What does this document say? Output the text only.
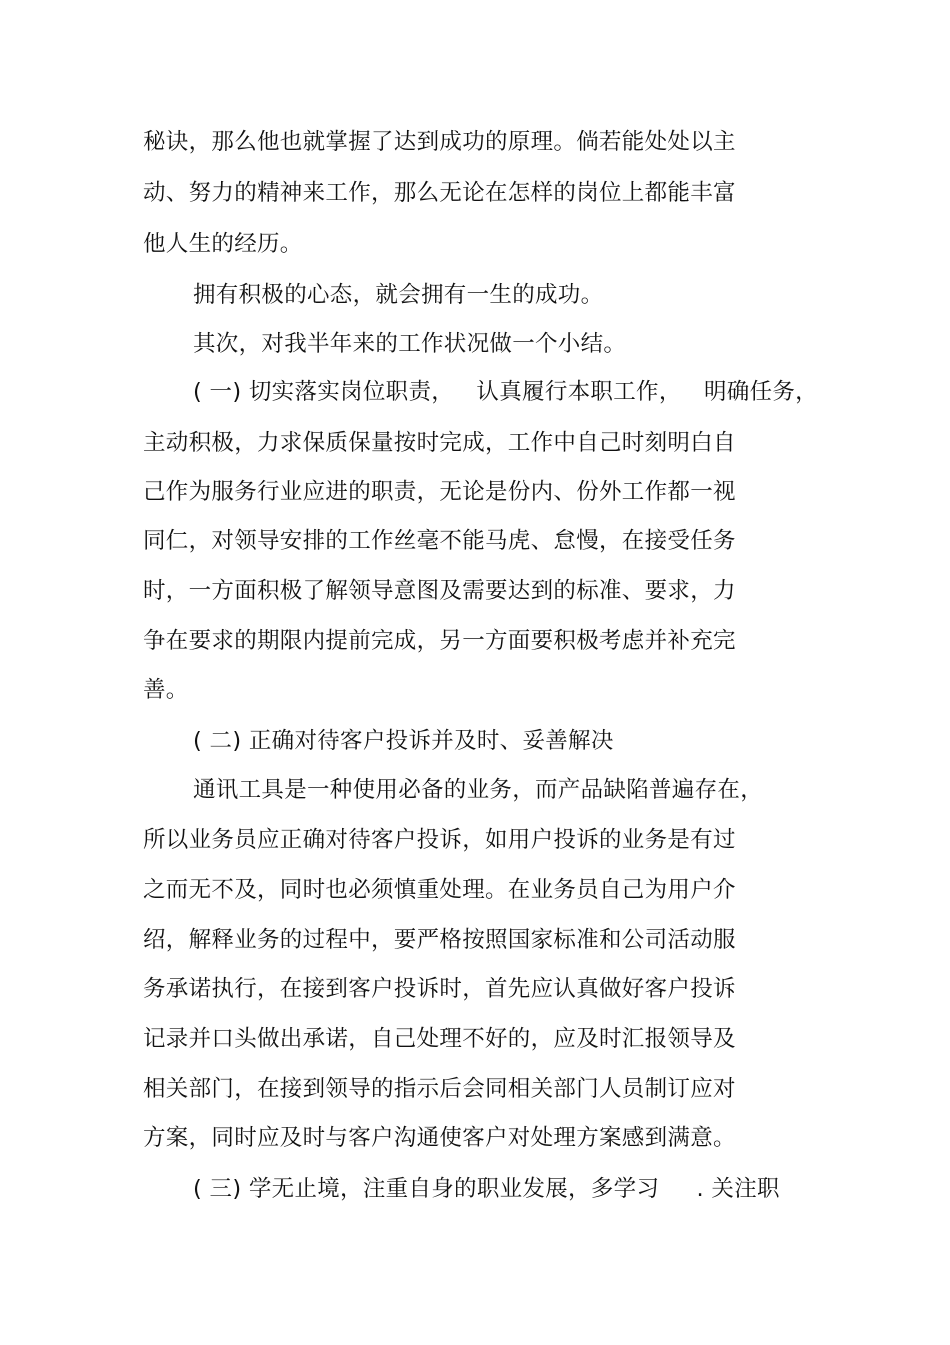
秘诀，那么他也就掌握了达到成功的原理。倘若能处处以主
动、努力的精神来工作，那么无论在怎样的岗位上都能丰富
他人生的经历。
拥有积极的心态，就会拥有一生的成功。
其次，对我半年来的工作状况做一个小结。
( 一) 切实落实岗位职责，   认真履行本职工作，   明确任务，
主动积极，力求保质保量按时完成，工作中自己时刻明白自
己作为服务行业应进的职责，无论是份内、份外工作都一视
同仁，对领导安排的工作丝毫不能马虎、怠慢，在接受任务
时，一方面积极了解领导意图及需要达到的标准、要求，力
争在要求的期限内提前完成，另一方面要积极考虑并补充完
善。
( 二) 正确对待客户投诉并及时、妥善解决
通讯工具是一种使用必备的业务，而产品缺陷普遍存在，
所以业务员应正确对待客户投诉，如用户投诉的业务是有过
之而无不及，同时也必须慎重处理。在业务员自己为用户介
绍，解释业务的过程中，要严格按照国家标准和公司活动服
务承诺执行，在接到客户投诉时，首先应认真做好客户投诉
记录并口头做出承诺，自己处理不好的，应及时汇报领导及
相关部门，在接到领导的指示后会同相关部门人员制订应对
方案，同时应及时与客户沟通使客户对处理方案感到满意。
( 三) 学无止境，注重自身的职业发展，多学习     . 关注职
